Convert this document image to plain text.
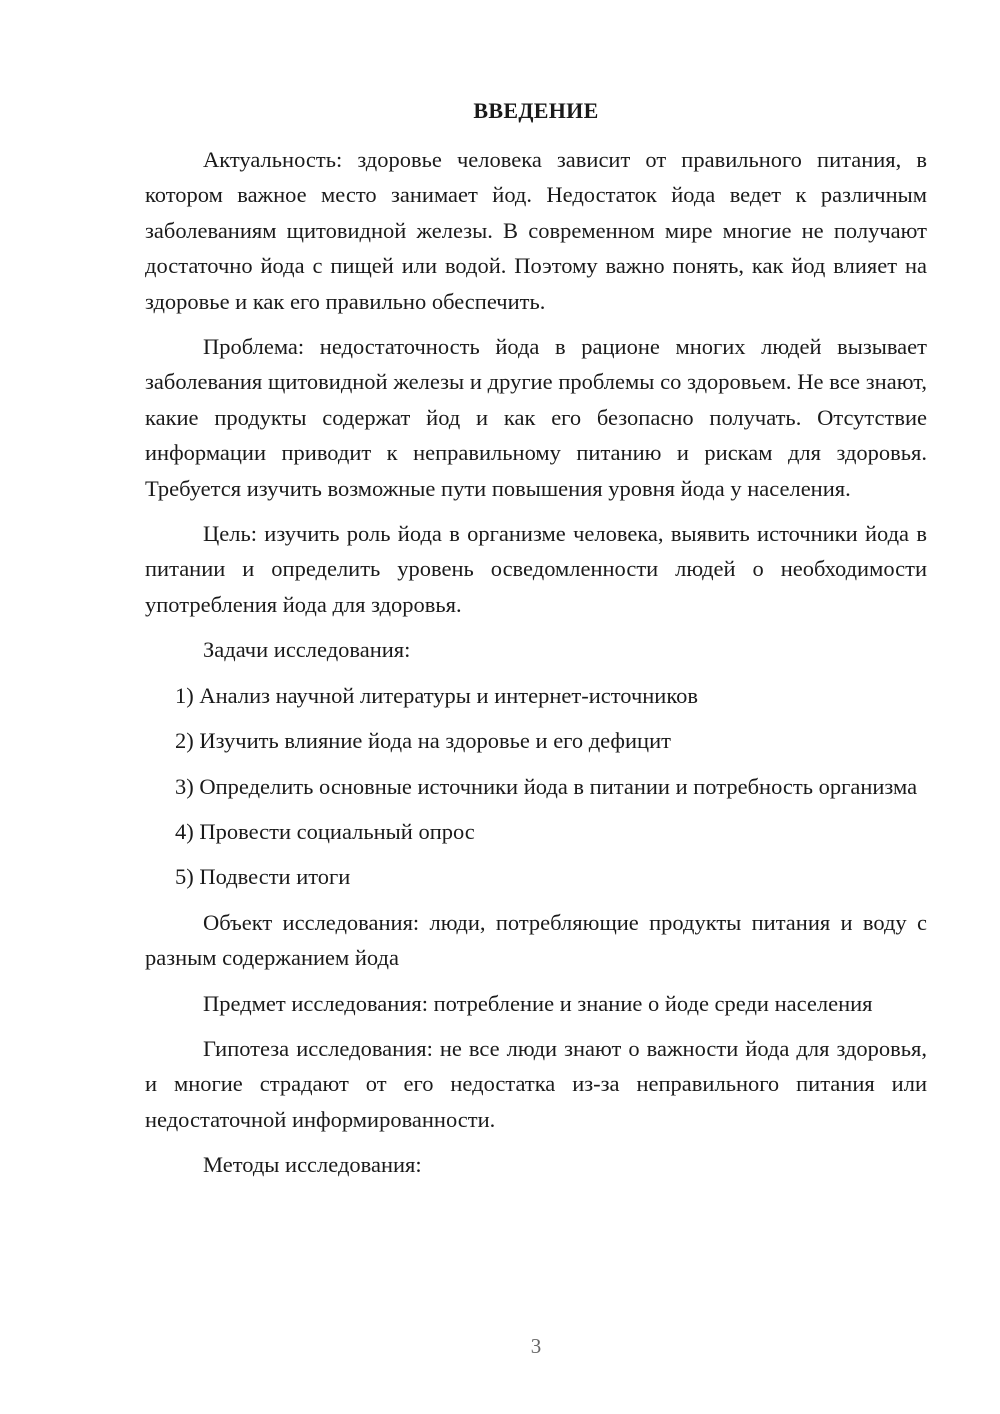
ВВЕДЕНИЕ

Актуальность: здоровье человека зависит от правильного питания, в котором важное место занимает йод. Недостаток йода ведет к различным заболеваниям щитовидной железы. В современном мире многие не получают достаточно йода с пищей или водой. Поэтому важно понять, как йод влияет на здоровье и как его правильно обеспечить.

Проблема: недостаточность йода в рационе многих людей вызывает заболевания щитовидной железы и другие проблемы со здоровьем. Не все знают, какие продукты содержат йод и как его безопасно получать. Отсутствие информации приводит к неправильному питанию и рискам для здоровья. Требуется изучить возможные пути повышения уровня йода у населения.

Цель: изучить роль йода в организме человека, выявить источники йода в питании и определить уровень осведомленности людей о необходимости употребления йода для здоровья.

Задачи исследования:

1) Анализ научной литературы и интернет-источников

2) Изучить влияние йода на здоровье и его дефицит

3) Определить основные источники йода в питании и потребность организма

4) Провести социальный опрос

5) Подвести итоги

Объект исследования: люди, потребляющие продукты питания и воду с разным содержанием йода

Предмет исследования: потребление и знание о йоде среди населения

Гипотеза исследования: не все люди знают о важности йода для здоровья, и многие страдают от его недостатка из-за неправильного питания или недостаточной информированности.

Методы исследования:

3
